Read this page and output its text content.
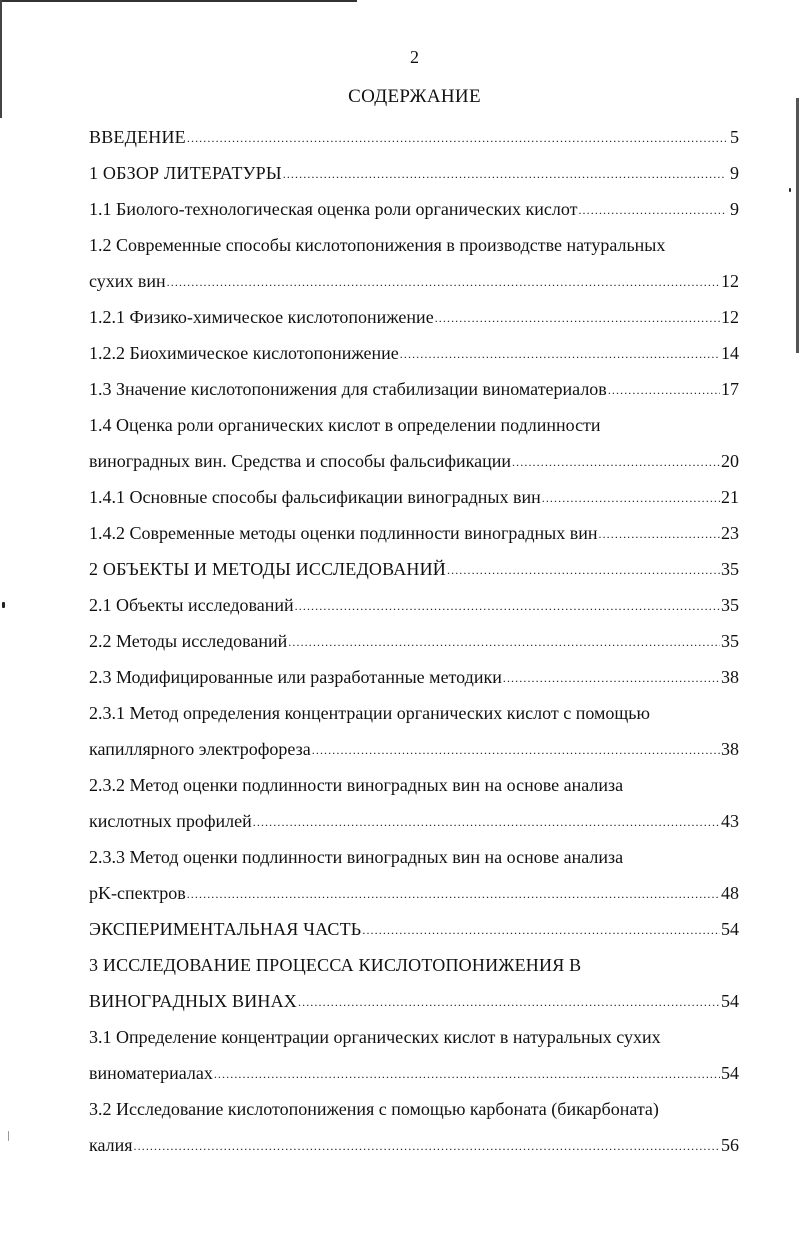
2
СОДЕРЖАНИЕ
ВВЕДЕНИЕ .....	5
1 ОБЗОР ЛИТЕРАТУРЫ .....	9
1.1 Биолого-технологическая оценка роли органических кислот .....	9
1.2 Современные способы кислотопонижения в производстве натуральных
сухих вин .....	12
1.2.1 Физико-химическое кислотопонижение .....	12
1.2.2 Биохимическое кислотопонижение .....	14
1.3 Значение кислотопонижения для стабилизации виноматериалов .....	17
1.4 Оценка роли органических кислот в определении подлинности
виноградных вин. Средства и способы фальсификации .....	20
1.4.1 Основные способы фальсификации виноградных вин .....	21
1.4.2 Современные методы оценки подлинности виноградных вин .....	23
2 ОБЪЕКТЫ И МЕТОДЫ ИССЛЕДОВАНИЙ .....	35
2.1 Объекты исследований .....	35
2.2 Методы исследований .....	35
2.3 Модифицированные или разработанные методики .....	38
2.3.1 Метод определения концентрации органических кислот с помощью
капиллярного электрофореза .....	38
2.3.2 Метод оценки подлинности виноградных вин на основе анализа
кислотных профилей .....	43
2.3.3 Метод оценки подлинности виноградных вин на основе анализа
pK-спектров .....	48
ЭКСПЕРИМЕНТАЛЬНАЯ ЧАСТЬ .....	54
3 ИССЛЕДОВАНИЕ ПРОЦЕССА КИСЛОТОПОНИЖЕНИЯ В
ВИНОГРАДНЫХ ВИНАХ .....	54
3.1 Определение концентрации органических кислот в натуральных сухих
виноматериалах .....	54
3.2 Исследование кислотопонижения с помощью карбоната (бикарбоната)
калия .....	56
